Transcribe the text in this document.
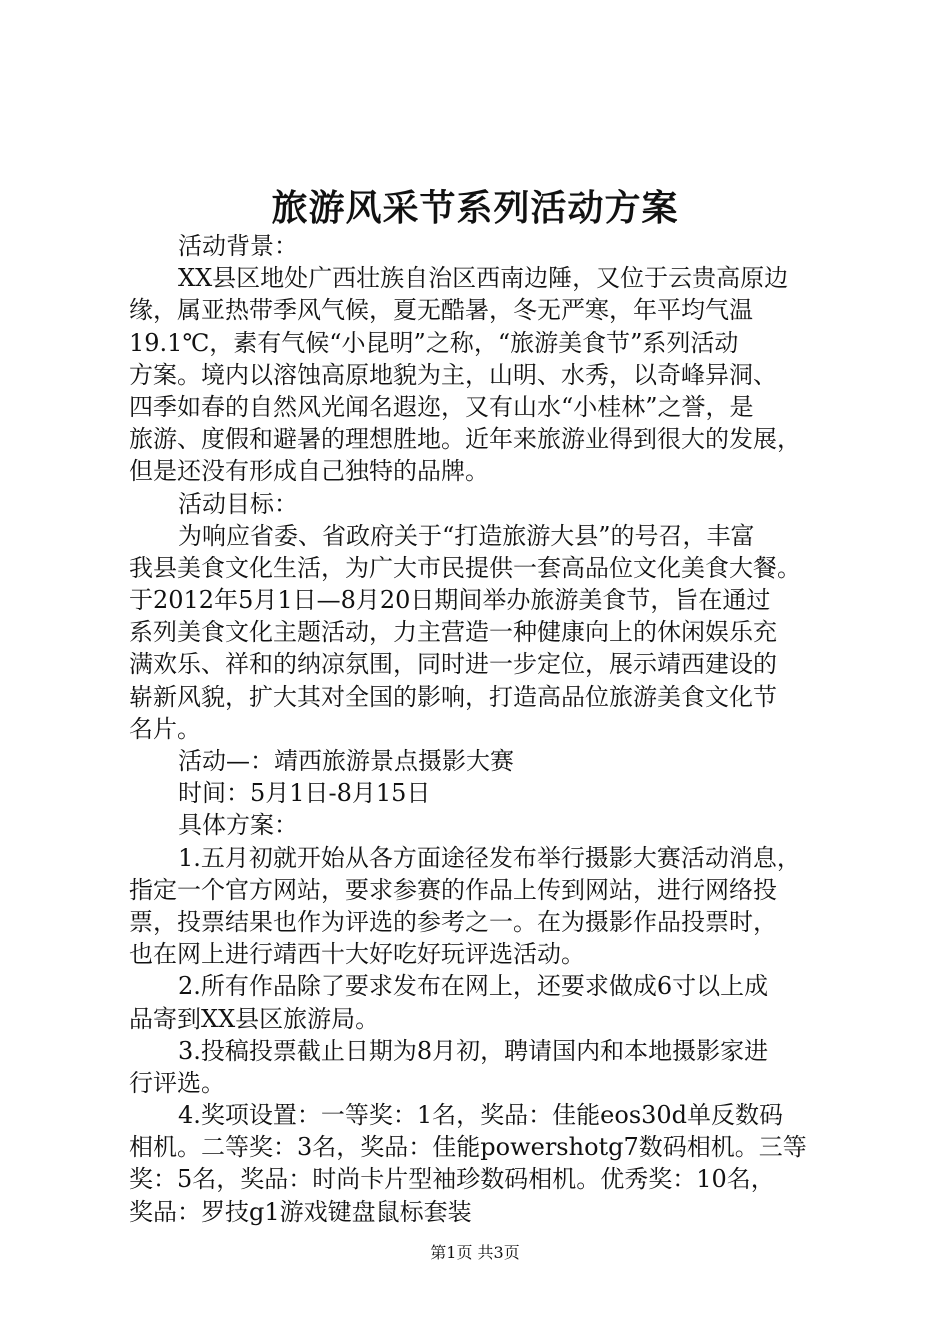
旅游风采节系列活动方案

活动背景：

XX县区地处广西壮族自治区西南边陲，又位于云贵高原边

缘，属亚热带季风气候，夏无酷暑，冬无严寒，年平均气温

19.1℃，素有气候“小昆明”之称，“旅游美食节”系列活动

方案。境内以溶蚀高原地貌为主，山明、水秀，以奇峰异洞、

四季如春的自然风光闻名遐迩，又有山水“小桂林”之誉，是

旅游、度假和避暑的理想胜地。近年来旅游业得到很大的发展，

但是还没有形成自己独特的品牌。

活动目标：

为响应省委、省政府关于“打造旅游大县”的号召，丰富

我县美食文化生活，为广大市民提供一套高品位文化美食大餐。

于2012年5月1日—8月20日期间举办旅游美食节，旨在通过

系列美食文化主题活动，力主营造一种健康向上的休闲娱乐充

满欢乐、祥和的纳凉氛围，同时进一步定位，展示靖西建设的

崭新风貌，扩大其对全国的影响，打造高品位旅游美食文化节

名片。

活动—：靖西旅游景点摄影大赛

时间：5月1日-8月15日

具体方案：

1.五月初就开始从各方面途径发布举行摄影大赛活动消息，

指定一个官方网站，要求参赛的作品上传到网站，进行网络投

票，投票结果也作为评选的参考之一。在为摄影作品投票时，

也在网上进行靖西十大好吃好玩评选活动。

2.所有作品除了要求发布在网上，还要求做成6寸以上成

品寄到XX县区旅游局。

3.投稿投票截止日期为8月初，聘请国内和本地摄影家进

行评选。

4.奖项设置：一等奖：1名，奖品：佳能eos30d单反数码

相机。二等奖：3名，奖品：佳能powershotg7数码相机。三等

奖：5名，奖品：时尚卡片型袖珍数码相机。优秀奖：10名，

奖品：罗技g1游戏键盘鼠标套装

第1页 共3页
